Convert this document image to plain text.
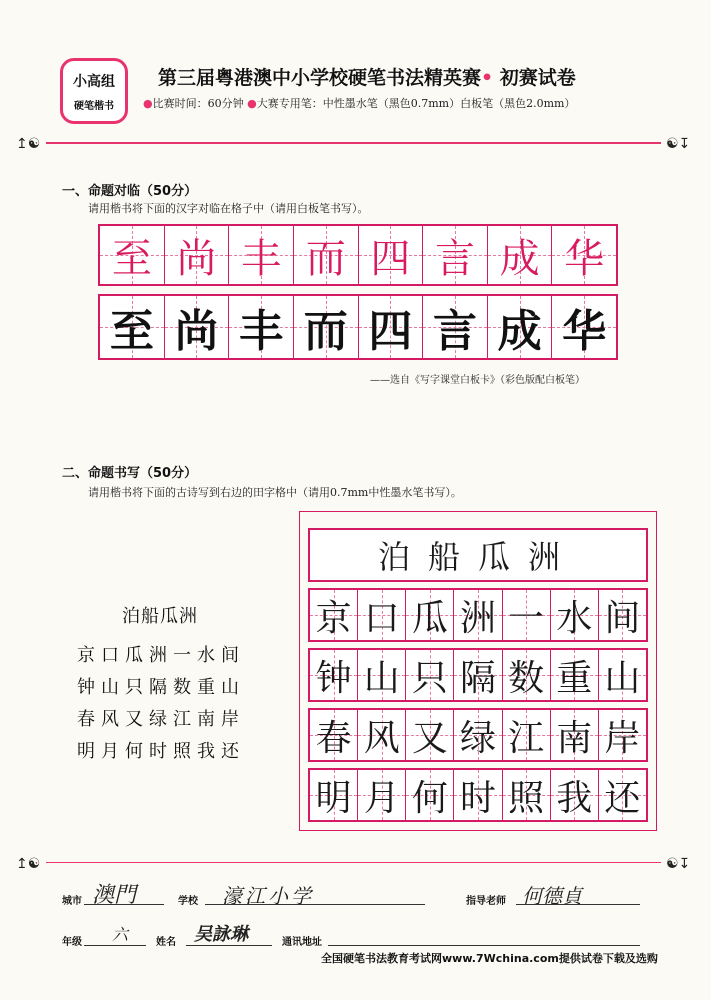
小高组
硬笔楷书
第三届粤港澳中小学校硬笔书法精英赛• 初赛试卷
●比赛时间：60分钟 ●大赛专用笔：中性墨水笔（黑色0.7mm）白板笔（黑色2.0mm）
↥☯	☯↧
一、命题对临（50分）
请用楷书将下面的汉字对临在格子中（请用白板笔书写）。
至 尚 丰 而 四 言 成 华
至 尚 丰 而 四 言 成 华
——选自《写字课堂白板卡》（彩色版配白板笔）
二、命题书写（50分）
请用楷书将下面的古诗写到右边的田字格中（请用0.7mm中性墨水笔书写）。
泊船瓜洲
京 口 瓜 洲 一 水 间
钟 山 只 隔 数 重 山
春 风 又 绿 江 南 岸
明 月 何 时 照 我 还
泊船瓜洲
京口瓜洲一水间
钟山只隔数重山
春风又绿江南岸
明月何时照我还
↥☯	☯↧
城市 澳門	学校 濠江小学	指导老师 何德貞
年级 六	姓名 吴詠琳	通讯地址
全国硬笔书法教育考试网www.7Wchina.com提供试卷下载及选购
